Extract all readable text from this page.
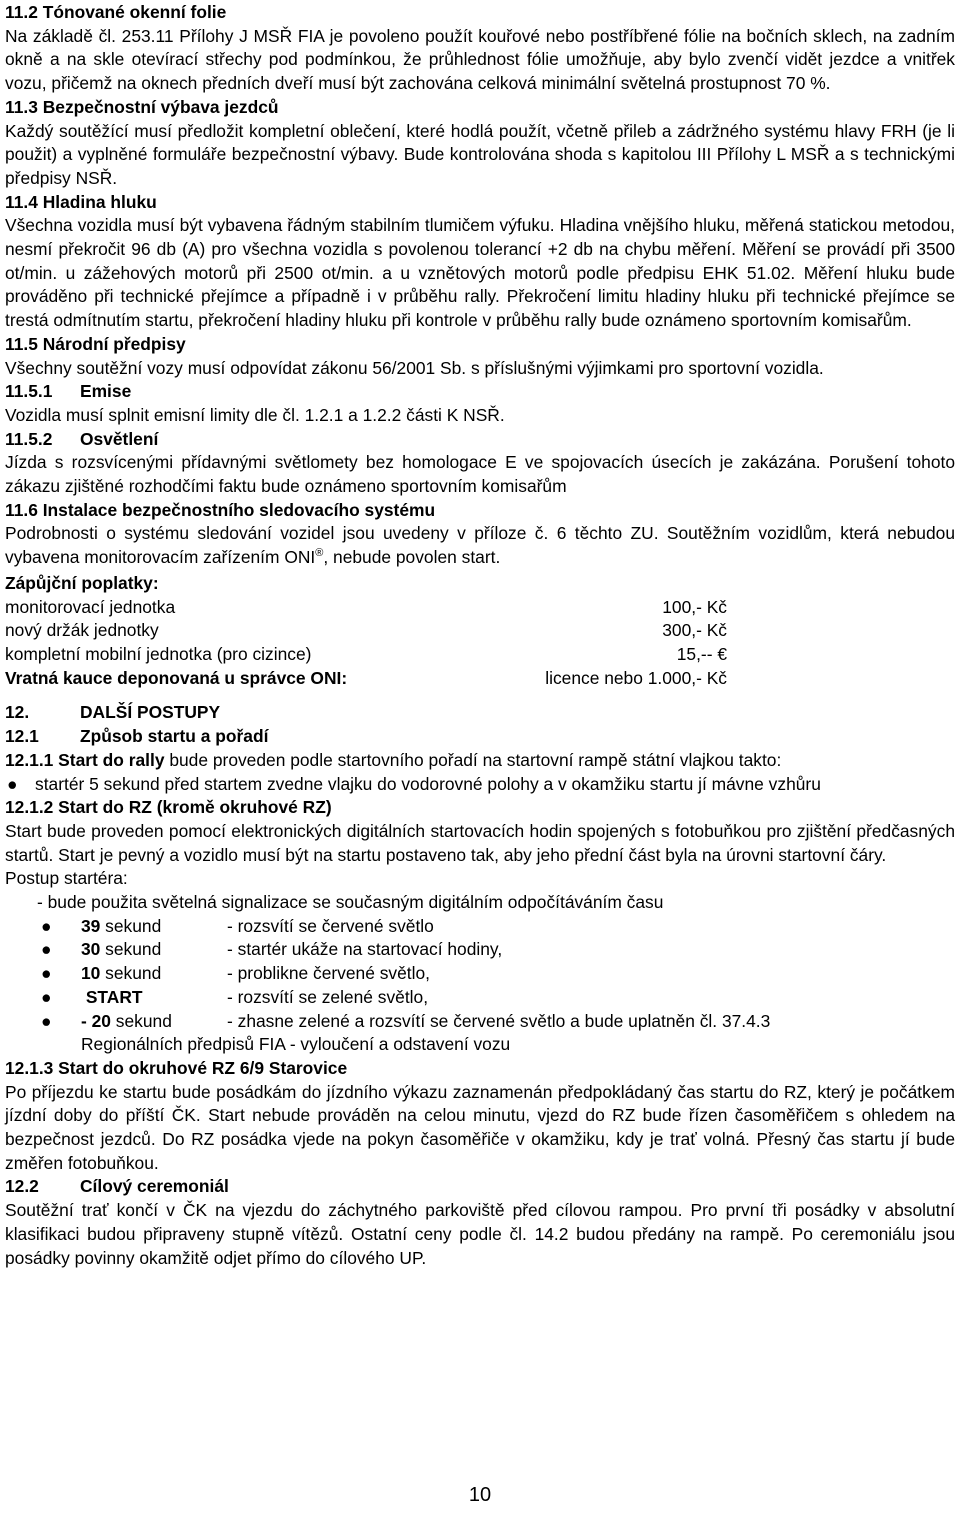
11.2 Tónované okenní folie

Na základě čl. 253.11 Přílohy J MSŘ FIA je povoleno použít kouřové nebo postříbřené fólie na bočních sklech, na zadním okně a na skle otevírací střechy pod podmínkou, že průhlednost fólie umožňuje, aby bylo zvenčí vidět jezdce a vnitřek vozu, přičemž na oknech předních dveří musí být zachována celková minimální světelná prostupnost 70 %.

11.3 Bezpečnostní výbava jezdců

Každý soutěžící musí předložit kompletní oblečení, které hodlá použít, včetně přileb a zádržného systému hlavy FRH (je li použit) a vyplněné formuláře bezpečnostní výbavy. Bude kontrolována shoda s kapitolou III Přílohy L MSŘ a s technickými předpisy NSŘ.

11.4 Hladina hluku

Všechna vozidla musí být vybavena řádným stabilním tlumičem výfuku. Hladina vnějšího hluku, měřená statickou metodou, nesmí překročit 96 db (A) pro všechna vozidla s povolenou tolerancí +2 db na chybu měření. Měření se provádí při 3500 ot/min. u zážehových motorů při 2500 ot/min. a u vznětových motorů podle předpisu EHK 51.02. Měření hluku bude prováděno při technické přejímce a případně i v průběhu rally. Překročení limitu hladiny hluku při technické přejímce se trestá odmítnutím startu, překročení hladiny hluku při kontrole v průběhu rally bude oznámeno sportovním komisařům.

11.5 Národní předpisy

Všechny soutěžní vozy musí odpovídat zákonu 56/2001 Sb. s příslušnými výjimkami pro sportovní vozidla.

11.5.1 Emise

Vozidla musí splnit emisní limity dle čl. 1.2.1 a 1.2.2 části K NSŘ.

11.5.2 Osvětlení

Jízda s rozsvícenými přídavnými světlomety bez homologace E ve spojovacích úsecích je zakázána. Porušení tohoto zákazu zjištěné rozhodčími faktu bude oznámeno sportovním komisařům

11.6 Instalace bezpečnostního sledovacího systému

Podrobnosti o systému sledování vozidel jsou uvedeny v příloze č. 6 těchto ZU. Soutěžním vozidlům, která nebudou vybavena monitorovacím zařízením ONI®, nebude povolen start.

Zápůjční poplatky:

monitorovací jednotka	100,- Kč
nový držák jednotky	300,- Kč
kompletní mobilní jednotka (pro cizince)	15,-- €
Vratná kauce deponovaná u správce ONI:	licence nebo 1.000,- Kč

12.	DALŠÍ POSTUPY

12.1 Způsob startu a pořadí

12.1.1 Start do rally bude proveden podle startovního pořadí na startovní rampě státní vlajkou takto:

●	startér 5 sekund před startem zvedne vlajku do vodorovné polohy a v okamžiku startu jí mávne vzhůru

12.1.2 Start do RZ (kromě okruhové RZ)

Start bude proveden pomocí elektronických digitálních startovacích hodin spojených s fotobuňkou pro zjištění předčasných startů. Start je pevný a vozidlo musí být na startu postaveno tak, aby jeho přední část byla na úrovni startovní čáry.

Postup startéra:

- bude použita světelná signalizace se současným digitálním odpočítáváním času

●	39 sekund	- rozsvítí se červené světlo
●	30 sekund	- startér ukáže na startovací hodiny,
●	10 sekund	- problikne červené světlo,
●	START	- rozsvítí se zelené světlo,
●	- 20 sekund	- zhasne zelené a rozsvítí se červené světlo a bude uplatněn čl. 37.4.3

Regionálních předpisů FIA - vyloučení a odstavení vozu

12.1.3 Start do okruhové RZ 6/9 Starovice

Po příjezdu ke startu bude posádkám do jízdního výkazu zaznamenán předpokládaný čas startu do RZ, který je počátkem jízdní doby do příští ČK. Start nebude prováděn na celou minutu, vjezd do RZ bude řízen časoměřičem s ohledem na bezpečnost jezdců. Do RZ posádka vjede na pokyn časoměřiče v okamžiku, kdy je trať volná. Přesný čas startu jí bude změřen fotobuňkou.

12.2 Cílový ceremoniál

Soutěžní trať končí v ČK na vjezdu do záchytného parkoviště před cílovou rampou. Pro první tři posádky v absolutní klasifikaci budou připraveny stupně vítězů. Ostatní ceny podle čl. 14.2 budou předány na rampě. Po ceremoniálu jsou posádky povinny okamžitě odjet přímo do cílového UP.

10
